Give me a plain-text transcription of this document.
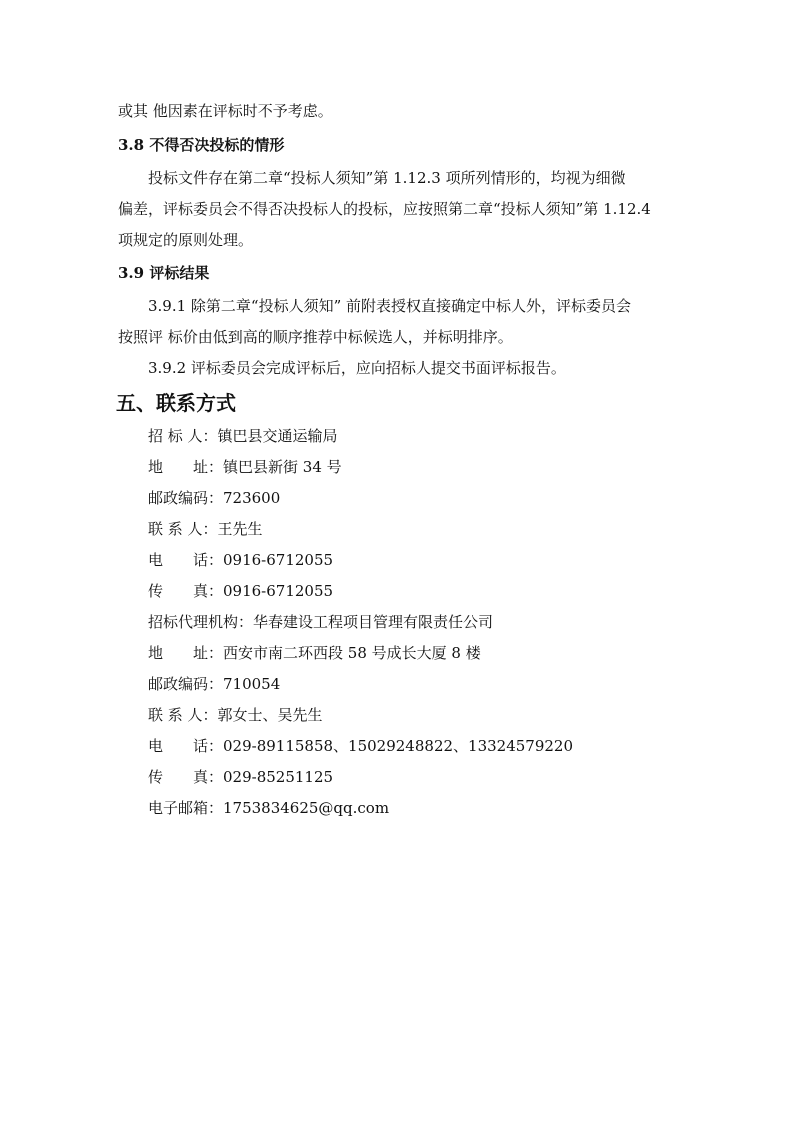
或其 他因素在评标时不予考虑。
3.8 不得否决投标的情形
投标文件存在第二章“投标人须知”第 1.12.3 项所列情形的，均视为细微
偏差，评标委员会不得否决投标人的投标，应按照第二章“投标人须知”第 1.12.4
项规定的原则处理。
3.9 评标结果
3.9.1 除第二章“投标人须知” 前附表授权直接确定中标人外，评标委员会
按照评 标价由低到高的顺序推荐中标候选人，并标明排序。
3.9.2 评标委员会完成评标后，应向招标人提交书面评标报告。
五、联系方式
招 标 人：镇巴县交通运输局
地　　址：镇巴县新街 34 号
邮政编码：723600
联 系 人：王先生
电　　话：0916-6712055
传　　真：0916-6712055
招标代理机构：华春建设工程项目管理有限责任公司
地　　址：西安市南二环西段 58 号成长大厦 8 楼
邮政编码：710054
联 系 人：郭女士、吴先生
电　　话：029-89115858、15029248822、13324579220
传　　真：029-85251125
电子邮箱：1753834625@qq.com
